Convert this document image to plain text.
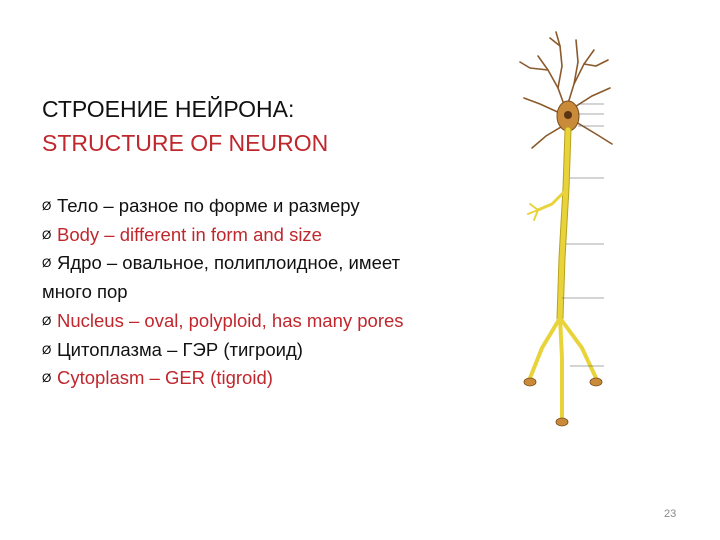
СТРОЕНИЕ НЕЙРОНА:
STRUCTURE OF NEURON
Ø Тело – разное по форме и размеру
Ø Body – different in form and size
Ø Ядро – овальное, полиплоидное, имеет много пор
Ø Nucleus – oval, polyploid, has many pores
Ø Цитоплазма – ГЭР (тигроид)
Ø Cytoplasm – GER (tigroid)
23
